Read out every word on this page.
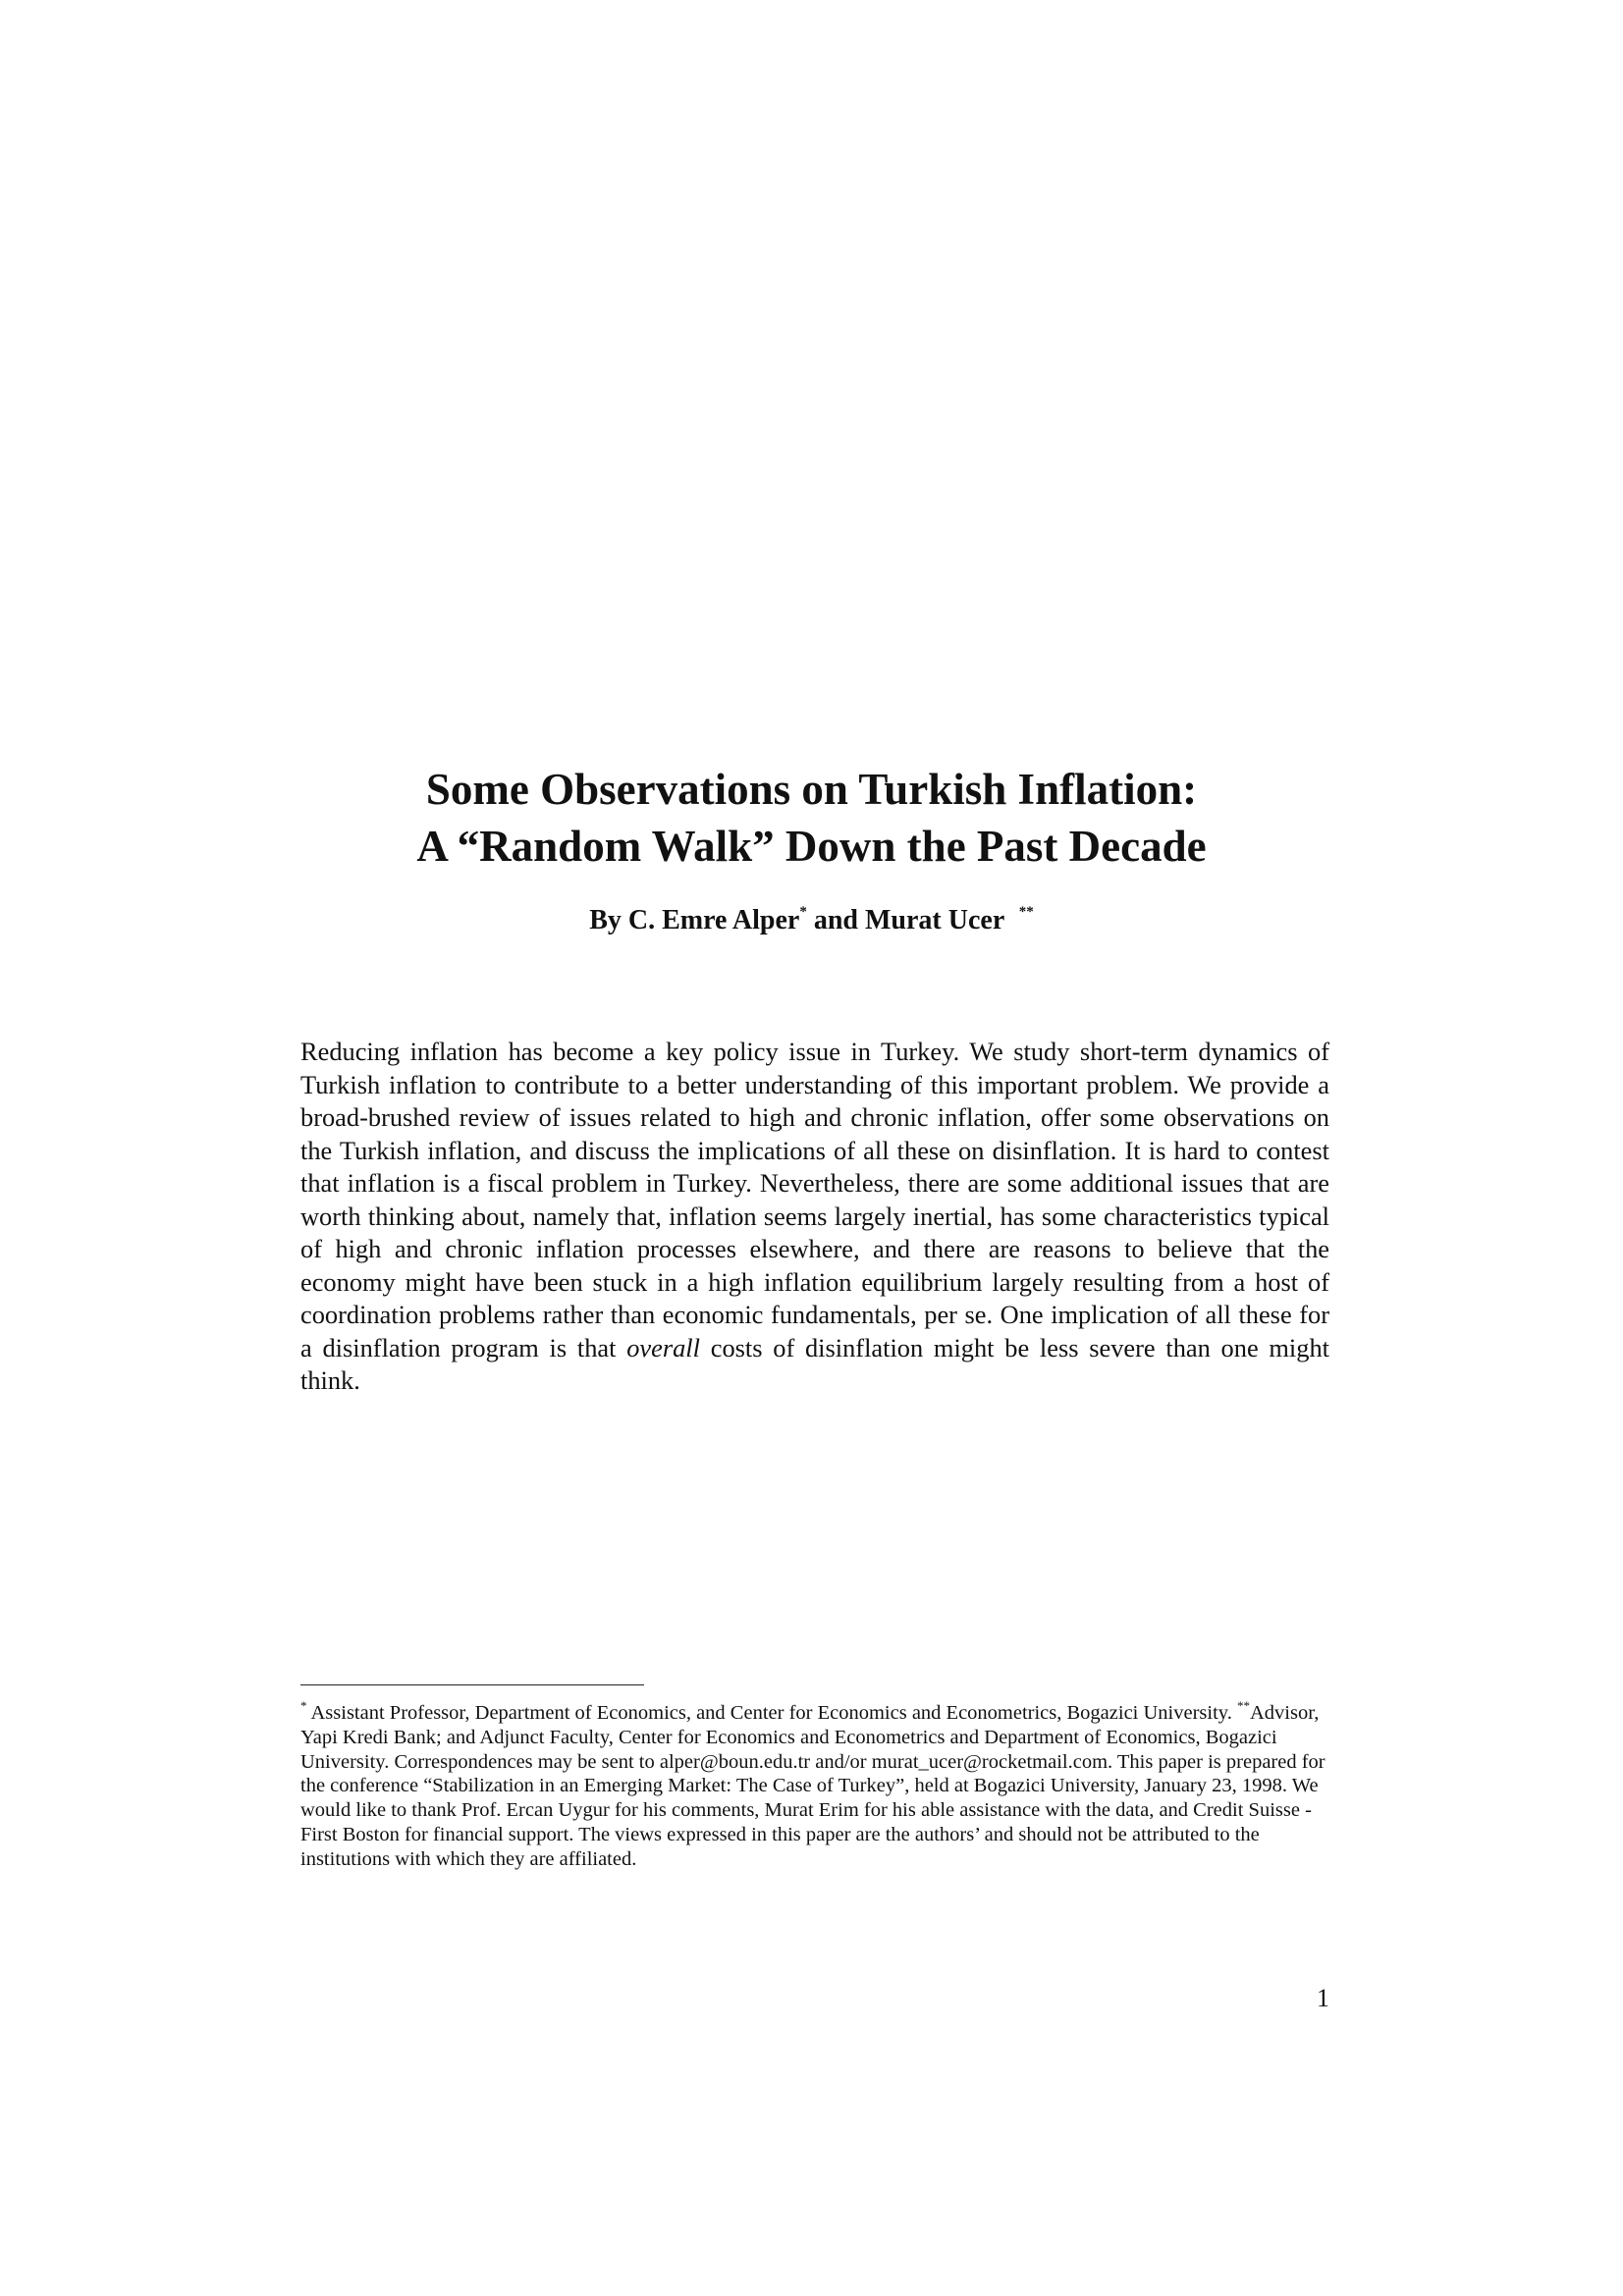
Some Observations on Turkish Inflation:
A “Random Walk” Down the Past Decade
By C. Emre Alper* and Murat Ucer **
Reducing inflation has become a key policy issue in Turkey. We study short-term dynamics of Turkish inflation to contribute to a better understanding of this important problem. We provide a broad-brushed review of issues related to high and chronic inflation, offer some observations on the Turkish inflation, and discuss the implications of all these on disinflation. It is hard to contest that inflation is a fiscal problem in Turkey. Nevertheless, there are some additional issues that are worth thinking about, namely that, inflation seems largely inertial, has some characteristics typical of high and chronic inflation processes elsewhere, and there are reasons to believe that the economy might have been stuck in a high inflation equilibrium largely resulting from a host of coordination problems rather than economic fundamentals, per se. One implication of all these for a disinflation program is that overall costs of disinflation might be less severe than one might think.
* Assistant Professor, Department of Economics, and Center for Economics and Econometrics, Bogazici University. **Advisor, Yapi Kredi Bank; and Adjunct Faculty, Center for Economics and Econometrics and Department of Economics, Bogazici University. Correspondences may be sent to alper@boun.edu.tr and/or murat_ucer@rocketmail.com. This paper is prepared for the conference “Stabilization in an Emerging Market: The Case of Turkey”, held at Bogazici University, January 23, 1998. We would like to thank Prof. Ercan Uygur for his comments, Murat Erim for his able assistance with the data, and Credit Suisse - First Boston for financial support. The views expressed in this paper are the authors’ and should not be attributed to the institutions with which they are affiliated.
1
